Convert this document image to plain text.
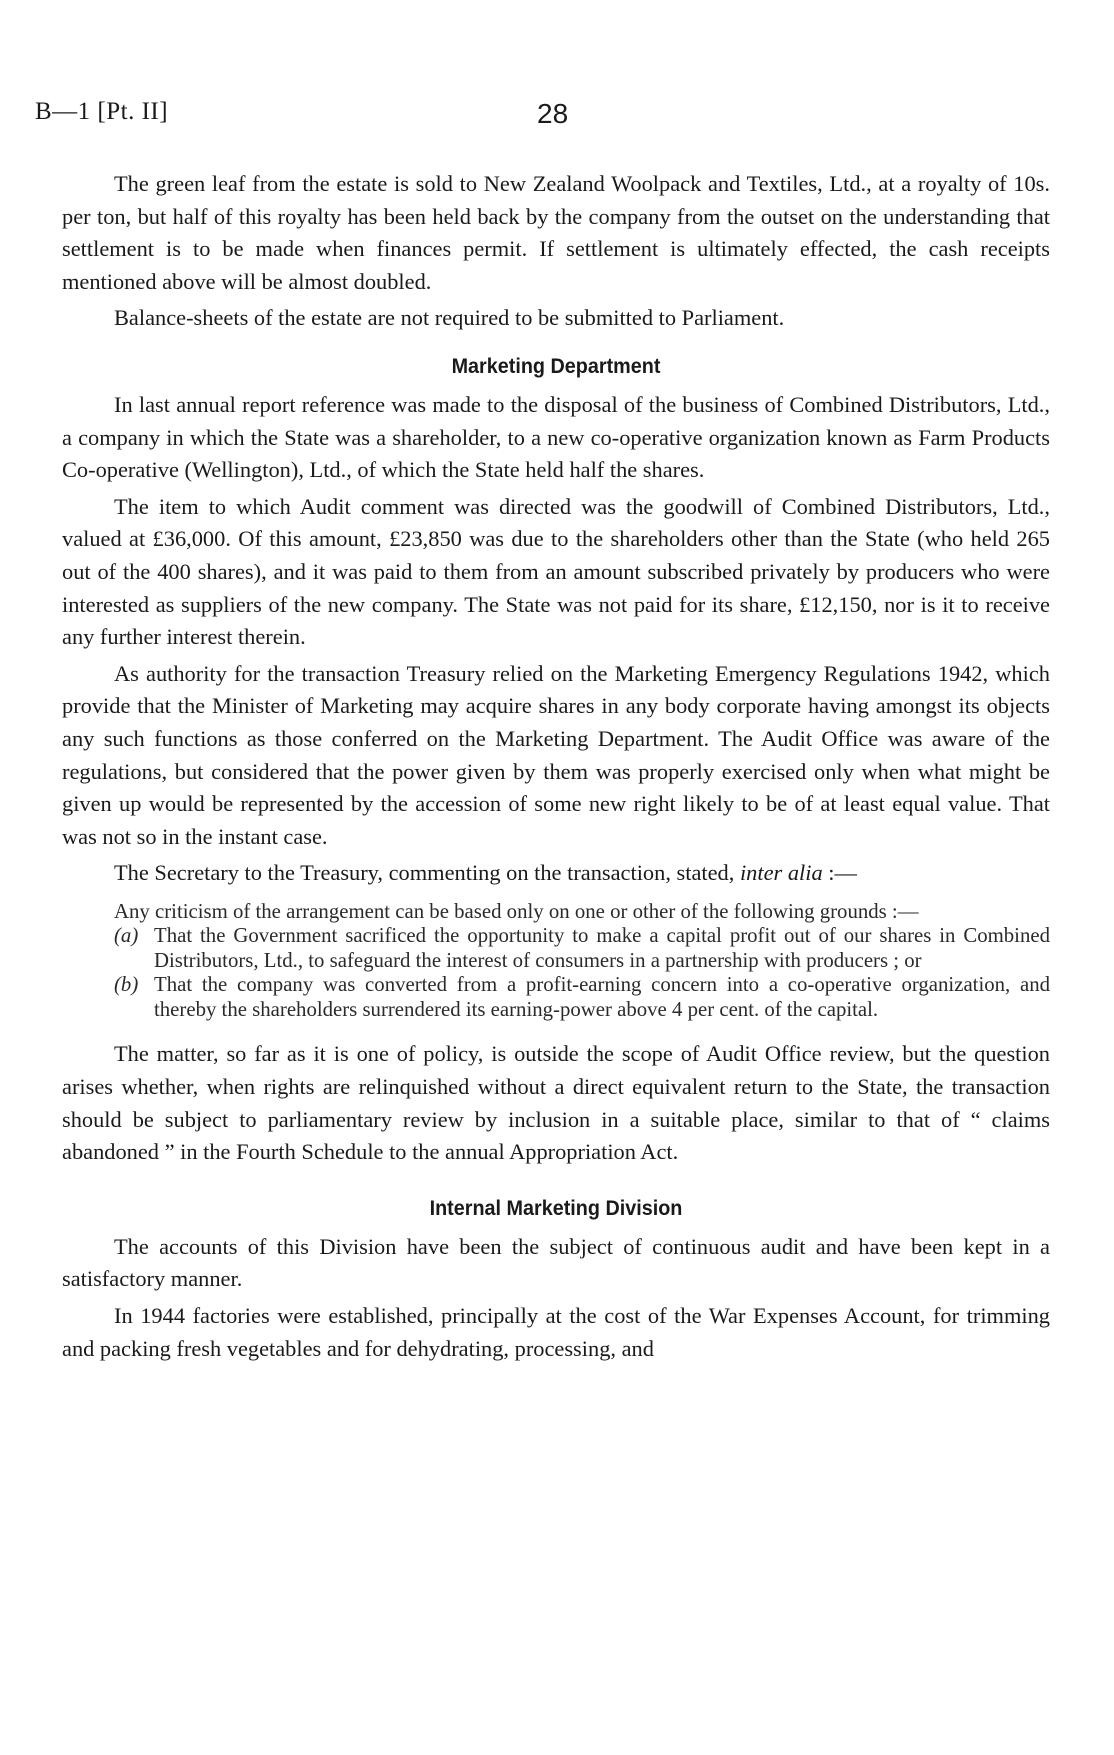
B—1 [Pt. II]	28

The green leaf from the estate is sold to New Zealand Woolpack and Textiles, Ltd., at a royalty of 10s. per ton, but half of this royalty has been held back by the company from the outset on the understanding that settlement is to be made when finances permit. If settlement is ultimately effected, the cash receipts mentioned above will be almost doubled.

Balance-sheets of the estate are not required to be submitted to Parliament.

Marketing Department

In last annual report reference was made to the disposal of the business of Combined Distributors, Ltd., a company in which the State was a shareholder, to a new co-operative organization known as Farm Products Co-operative (Wellington), Ltd., of which the State held half the shares.

The item to which Audit comment was directed was the goodwill of Combined Distributors, Ltd., valued at £36,000. Of this amount, £23,850 was due to the shareholders other than the State (who held 265 out of the 400 shares), and it was paid to them from an amount subscribed privately by producers who were interested as suppliers of the new company. The State was not paid for its share, £12,150, nor is it to receive any further interest therein.

As authority for the transaction Treasury relied on the Marketing Emergency Regulations 1942, which provide that the Minister of Marketing may acquire shares in any body corporate having amongst its objects any such functions as those conferred on the Marketing Department. The Audit Office was aware of the regulations, but considered that the power given by them was properly exercised only when what might be given up would be represented by the accession of some new right likely to be of at least equal value. That was not so in the instant case.

The Secretary to the Treasury, commenting on the transaction, stated, inter alia :—

Any criticism of the arrangement can be based only on one or other of the following grounds :—
(a) That the Government sacrificed the opportunity to make a capital profit out of our shares in Combined Distributors, Ltd., to safeguard the interest of consumers in a partnership with producers ; or
(b) That the company was converted from a profit-earning concern into a co-operative organization, and thereby the shareholders surrendered its earning-power above 4 per cent. of the capital.

The matter, so far as it is one of policy, is outside the scope of Audit Office review, but the question arises whether, when rights are relinquished without a direct equivalent return to the State, the transaction should be subject to parliamentary review by inclusion in a suitable place, similar to that of “ claims abandoned ” in the Fourth Schedule to the annual Appropriation Act.

Internal Marketing Division

The accounts of this Division have been the subject of continuous audit and have been kept in a satisfactory manner.

In 1944 factories were established, principally at the cost of the War Expenses Account, for trimming and packing fresh vegetables and for dehydrating, processing, and
